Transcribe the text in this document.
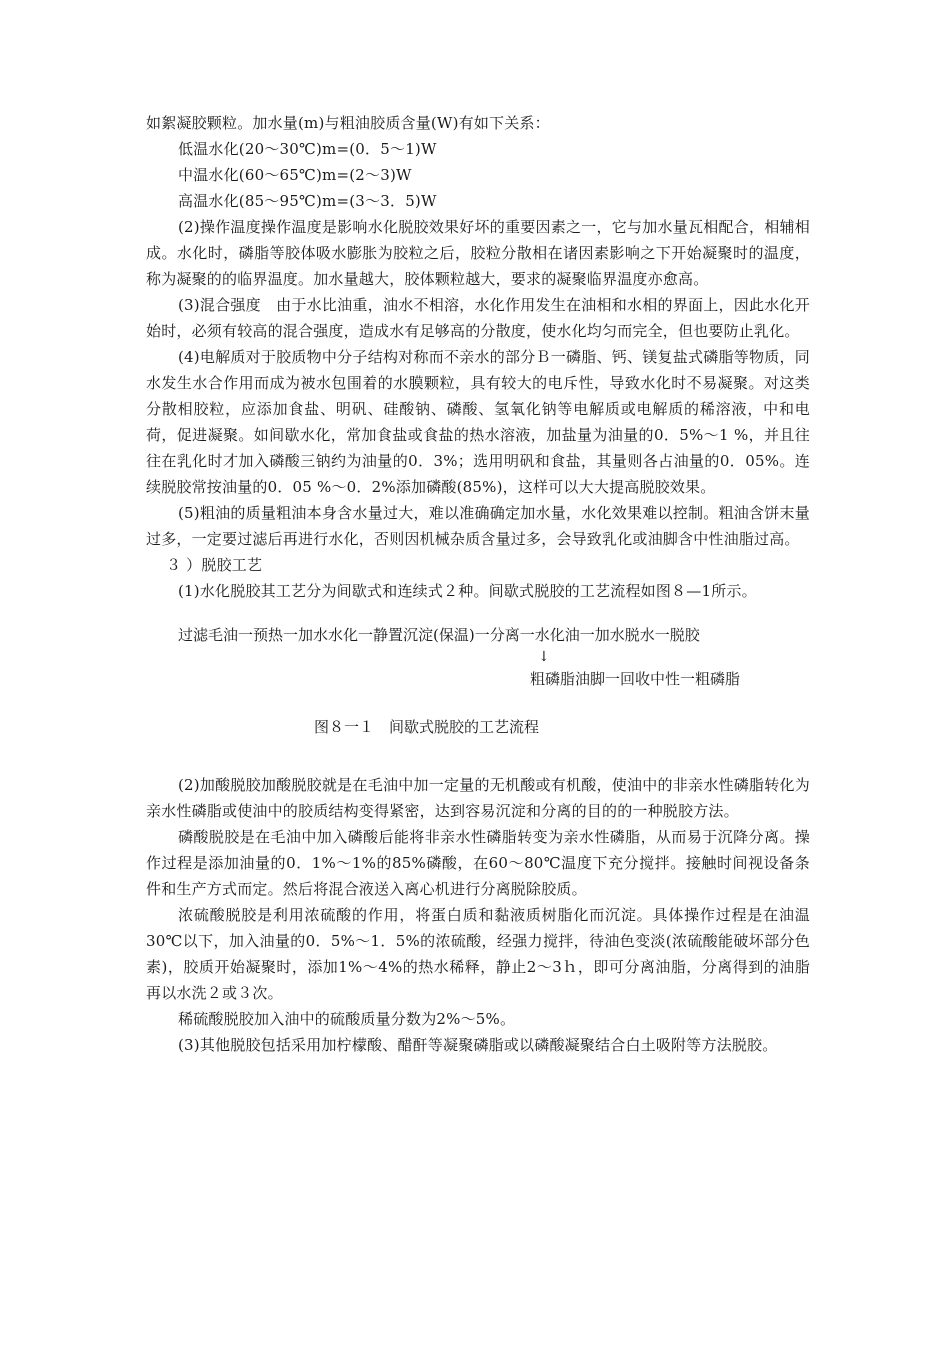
如絮凝胶颗粒。加水量(m)与粗油胶质含量(W)有如下关系：

低温水化(20～30℃)m=(0．5～1)W

中温水化(60～65℃)m=(2～3)W

高温水化(85～95℃)m=(3～3．5)W

(2)操作温度操作温度是影响水化脱胶效果好坏的重要因素之一，它与加水量瓦相配合，相辅相成。水化时，磷脂等胶体吸水膨胀为胶粒之后，胶粒分散相在诸因素影响之下开始凝聚时的温度，称为凝聚的的临界温度。加水量越大，胶体颗粒越大，要求的凝聚临界温度亦愈高。

(3)混合强度　由于水比油重，油水不相溶，水化作用发生在油相和水相的界面上，因此水化开始时，必须有较高的混合强度，造成水有足够高的分散度，使水化均匀而完全，但也要防止乳化。

(4)电解质对于胶质物中分子结构对称而不亲水的部分Ｂ一磷脂、钙、镁复盐式磷脂等物质，同水发生水合作用而成为被水包围着的水膜颗粒，具有较大的电斥性，导致水化时不易凝聚。对这类分散相胶粒，应添加食盐、明矾、硅酸钠、磷酸、氢氧化钠等电解质或电解质的稀溶液，中和电荷，促进凝聚。如间歇水化，常加食盐或食盐的热水溶液，加盐量为油量的0．5%～1 %，并且往往在乳化时才加入磷酸三钠约为油量的0．3%；选用明矾和食盐，其量则各占油量的0．05%。连续脱胶常按油量的0．05 %～0．2%添加磷酸(85%)，这样可以大大提高脱胶效果。

(5)粗油的质量粗油本身含水量过大，难以准确确定加水量，水化效果难以控制。粗油含饼末量过多，一定要过滤后再进行水化，否则因机械杂质含量过多，会导致乳化或油脚含中性油脂过高。

３ ）脱胶工艺

(1)水化脱胶其工艺分为间歇式和连续式２种。间歇式脱胶的工艺流程如图８—1所示。

过滤毛油一预热一加水水化一静置沉淀(保温)一分离一水化油一加水脱水一脱胶
↓
粗磷脂油脚一回收中性一粗磷脂
图８一１　间歇式脱胶的工艺流程

(2)加酸脱胶加酸脱胶就是在毛油中加一定量的无机酸或有机酸，使油中的非亲水性磷脂转化为亲水性磷脂或使油中的胶质结构变得紧密，达到容易沉淀和分离的目的的一种脱胶方法。

磷酸脱胶是在毛油中加入磷酸后能将非亲水性磷脂转变为亲水性磷脂，从而易于沉降分离。操作过程是添加油量的0．1%～1%的85%磷酸，在60～80℃温度下充分搅拌。接触时间视设备条件和生产方式而定。然后将混合液送入离心机进行分离脱除胶质。

浓硫酸脱胶是利用浓硫酸的作用，将蛋白质和黏液质树脂化而沉淀。具体操作过程是在油温30℃以下，加入油量的0．5%～1．5%的浓硫酸，经强力搅拌，待油色变淡(浓硫酸能破坏部分色素)，胶质开始凝聚时，添加1%～4%的热水稀释，静止2～3ｈ，即可分离油脂，分离得到的油脂再以水洗２或３次。

稀硫酸脱胶加入油中的硫酸质量分数为2%～5%。

(3)其他脱胶包括采用加柠檬酸、醋酐等凝聚磷脂或以磷酸凝聚结合白土吸附等方法脱胶。
